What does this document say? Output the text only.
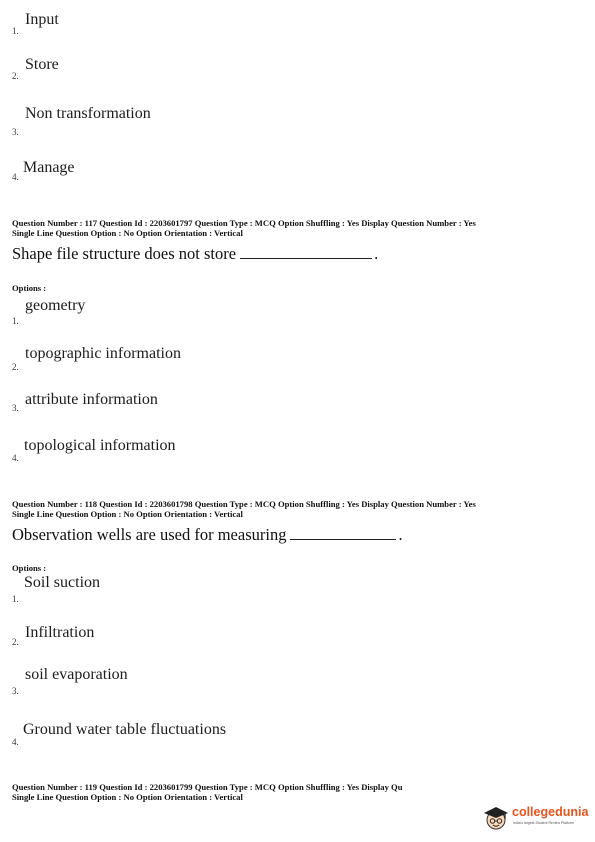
1.
Input
2.
Store
Non transformation
3.
4.
Manage
Question Number : 117 Question Id : 2203601797 Question Type : MCQ Option Shuffling : Yes Display Question Number : Yes
Single Line Question Option : No Option Orientation : Vertical
Shape file structure does not store	.
Options :
geometry
1.
topographic information
2.
attribute information
3.
topological information
4.
Question Number : 118 Question Id : 2203601798 Question Type : MCQ Option Shuffling : Yes Display Question Number : Yes
Single Line Question Option : No Option Orientation : Vertical
Observation wells are used for measuring	.
Options :
Soil suction
1.
Infiltration
2.
soil evaporation
3.
Ground water table fluctuations
4.
Question Number : 119 Question Id : 2203601799 Question Type : MCQ Option Shuffling : Yes Display Qu
Single Line Question Option : No Option Orientation : Vertical
collegedunia
India's largest Student Review Platform
